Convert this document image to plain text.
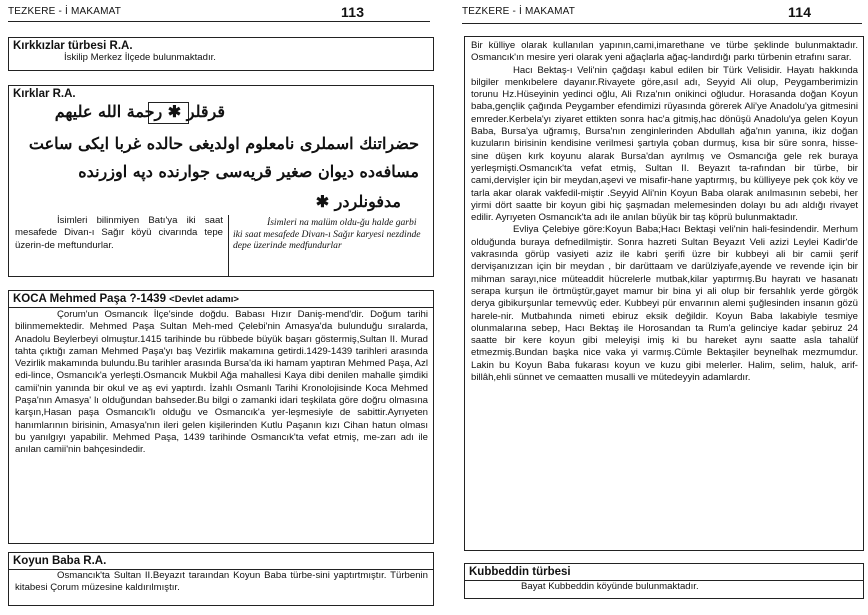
TEZKERE - İ MAKAMAT	113
Kırkkızlar türbesi R.A.
İskilip Merkez İlçede bulunmaktadır.
Kırklar R.A.
قرقلر ✱ رحمة الله عليهم
حضراتنك اسملرى نامعلوم اولدیغی حالده غربا ایکی ساعت
مسافه‌ده دیوان صغیر قریه‌سی جوارنده دپه اوزرنده
مدفونلردر ✱

İsimleri bilinmiyen Batı'ya iki saat mesafede Divan-ı Sağır köyü civarında tepe üzerin-de meftundurlar.

İsimleri na malüm oldu-ğu halde garbi iki saat mesafede Divan-ı Sağır karyesi nezdinde depe üzerinde medfundurlar

KOCA Mehmed Paşa ?-1439 <Devlet adamı>

Çorum'un Osmancık İlçe'sinde doğdu. Babası Hızır Daniş-mend'dir. Doğum tarihi bilinmemektedir. Mehmed Paşa Sultan Meh-med Çelebi'nin Amasya'da bulunduğu sıralarda, Anadolu Beylerbeyi olmuştur.1415 tarihinde bu rübbede büyük başarı göstermiş,Sultan II. Murad tahta çıktığı zaman Mehmed Paşa'yı baş Vezirlik makamına getirdi.1429-1439 tarihleri arasında Vezirlik makamında bulundu.Bu tarihler arasında Bursa'da iki hamam yaptıran Mehmed Paşa, Azl edi-lince, Osmancık'a yerleşti.Osmancık Mukbil Ağa mahallesi Kaya dibi denilen mahalle şimdiki camii'nin yanında bir okul ve aş evi yaptırdı. İzahlı Osmanlı Tarihi Kronolojisinde Koca Mehmed Paşa'nın Amasya' lı olduğundan bahseder.Bu bilgi o zamanki idari teşkilata göre doğru olmasına karşın,Hasan paşa Osmancık'lı olduğu ve Osmancık'a yer-leşmesiyle de sabittir.Ayrıyeten hanımlarının birisinin, Amasya'nın ileri gelen kişilerinden Kutlu Paşanın kızı Cihan hatun olması bu yanılgıyı yapabilir. Mehmed Paşa, 1439 tarihinde Osmancık'ta vefat etmiş, me-zarı adı ile anılan camii'nin bahçesindedir.

Koyun Baba R.A.

Osmancık'ta Sultan II.Beyazıt taraından Koyun Baba türbe-sini yaptırtmıştır. Türbenin kitabesi Çorum müzesine kaldırılmıştır.

TEZKERE - İ MAKAMAT	114

Bir külliye olarak kullanılan yapının,cami,imarethane ve türbe şeklinde bulunmaktadır. Osmancık'ın mesire yeri olarak yeni ağaçlarla ağaç-landırdığı parkı türbenin etrafını sarar.

Hacı Bektaş-ı Veli'nin çağdaşı kabul edilen bir Türk Velisidir. Hayatı hakkında bilgiler menkıbelere dayanır.Rivayete göre,asıl adı, Seyyid Ali olup, Peygamberimizin torunu Hz.Hüseyinin yedinci oğlu, Ali Rıza'nın onikinci oğludur. Horasanda doğan Koyun baba,gençlik çağında Peygamber efendimizi rüyasında görerek Ali'ye Anadolu'ya gitmesini emreder.Kerbela'yı ziyaret ettikten sonra hac'a gitmiş,hac dönüşü Anadolu'ya gelen Koyun Baba, Bursa'ya uğramış, Bursa'nın zenginlerinden Abdullah ağa'nın yanına, ikiz doğan kuzuların birisinin kendisine verilmesi şartıyla çoban durmuş, kısa bir süre sonra, hisse-sine düşen kırk koyunu alarak Bursa'dan ayrılmış ve Osmancığa gele rek buraya yerleşmişti.Osmancık'ta vefat etmiş, Sultan II. Beyazıt ta-rafından bir türbe, bir cami,dervişler için bir meydan,aşevi ve misafir-hane yaptırmış, bu külliyeye pek çok köy ve tarla akar olarak vakfedil-miştir .Seyyid Ali'nin Koyun Baba olarak anılmasının sebebi, her yirmi dört saatte bir koyun gibi hiç şaşmadan melemesinden dolayı bu adı aldığı rivayet edilir. Ayrıyeten Osmancık'ta adı ile anılan büyük bir taş köprü bulunmaktadır.

Evliya Çelebiye göre:Koyun Baba;Hacı Bektaşi veli'nin hali-fesindendir. Merhum olduğunda buraya defnedilmiştir. Sonra hazreti Sultan Beyazıt Veli azizi Leylei Kadir'de vakrasında görüp vasiyeti aziz ile kabri şerifi üzre bir kubbeyi ali bir camii şerif dervişanızızan için bir meydan , bir darüttaam ve darülziyafe,ayende ve revende için bir mihman sarayı,nice müteaddit hücrelerle mutbak,kilar yaptırmış.Bu hayratı ve hasanatı serapa kurşun ile örtmüştür,gayet mamur bir bina yi ali olup bir fersahlık yerde görgök derya gibikurşunlar temevvüç eder. Kubbeyi pür envarının alemi şuğlesinden insanın gözü harele-nir. Mutbahında nimeti ebiruz eksik değildir. Koyun Baba lakabiyle tesmiye olunmalarına sebep, Hacı Bektaş ile Horosandan ta Rum'a gelinciye kadar şebiruz 24 saatte bir kere koyun gibi meleyişi imiş ki bu hareket aynı saatte asla tahalüf etmezmiş.Bundan başka nice vaka yi varmış.Cümle Bektaşiler beynelhak mezmumdur. Lakin bu Koyun Baba fukarası koyun ve kuzu gibi melerler. Halim, selim, haluk, arif-billâh,ehli sünnet ve cemaatten musalli ve mütedeyyin adamlardır.

Kubbeddin türbesi
Bayat Kubbeddin köyünde bulunmaktadır.
